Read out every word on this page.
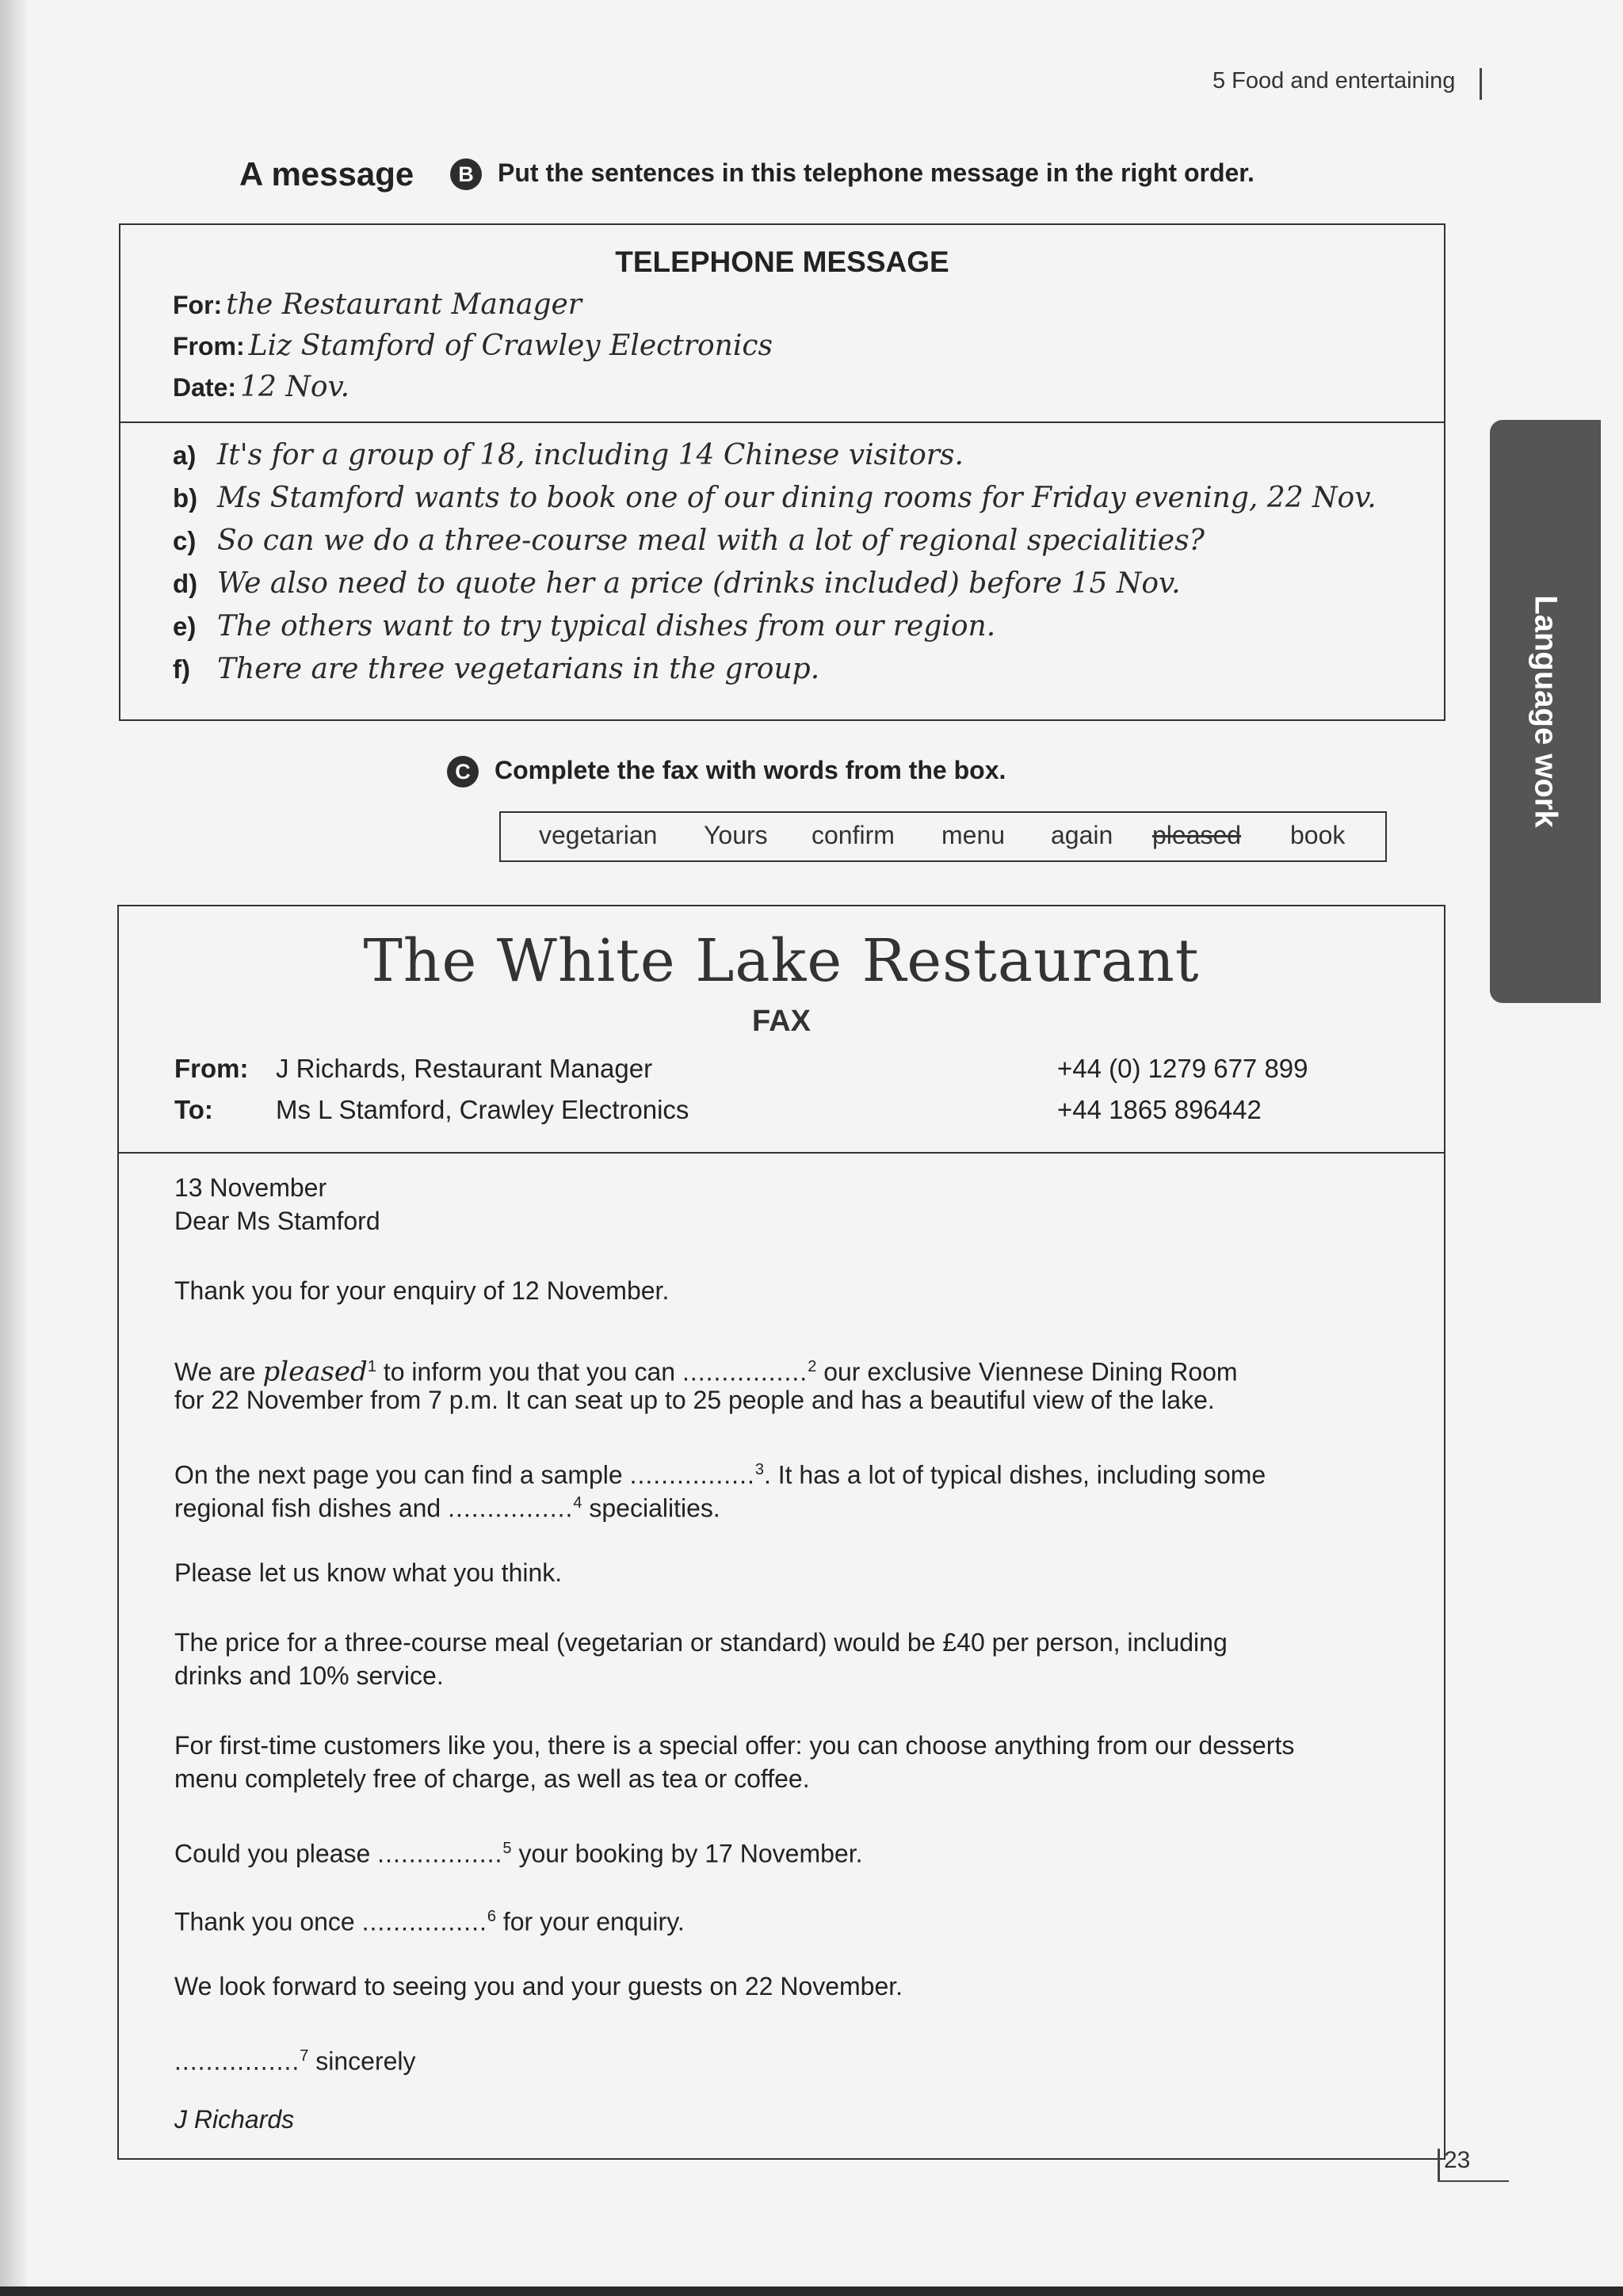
5 Food and entertaining
A message	B Put the sentences in this telephone message in the right order.
TELEPHONE MESSAGE
For: the Restaurant Manager
From: Liz Stamford of Crawley Electronics
Date: 12 Nov.
a) It's for a group of 18, including 14 Chinese visitors.
b) Ms Stamford wants to book one of our dining rooms for Friday evening, 22 Nov.
c) So can we do a three-course meal with a lot of regional specialities?
d) We also need to quote her a price (drinks included) before 15 Nov.
e) The others want to try typical dishes from our region.
f) There are three vegetarians in the group.
C Complete the fax with words from the box.
vegetarian Yours confirm menu again pleased book
The White Lake Restaurant
FAX
From: J Richards, Restaurant Manager
To: Ms L Stamford, Crawley Electronics
+44 (0) 1279 677 899
+44 1865 896442
13 November
Dear Ms Stamford
Thank you for your enquiry of 12 November.
We are pleased$^1$ to inform you that you can ................$^2$ our exclusive Viennese Dining Room
for 22 November from 7 p.m. It can seat up to 25 people and has a beautiful view of the lake.
On the next page you can find a sample ................$^3$. It has a lot of typical dishes, including some
regional fish dishes and ................$^4$ specialities.
Please let us know what you think.
The price for a three-course meal (vegetarian or standard) would be £40 per person, including
drinks and 10% service.
For first-time customers like you, there is a special offer: you can choose anything from our desserts
menu completely free of charge, as well as tea or coffee.
Could you please ................$^5$ your booking by 17 November.
Thank you once ................$^6$ for your enquiry.
We look forward to seeing you and your guests on 22 November.
................$^7$ sincerely
J Richards
Language work
23
